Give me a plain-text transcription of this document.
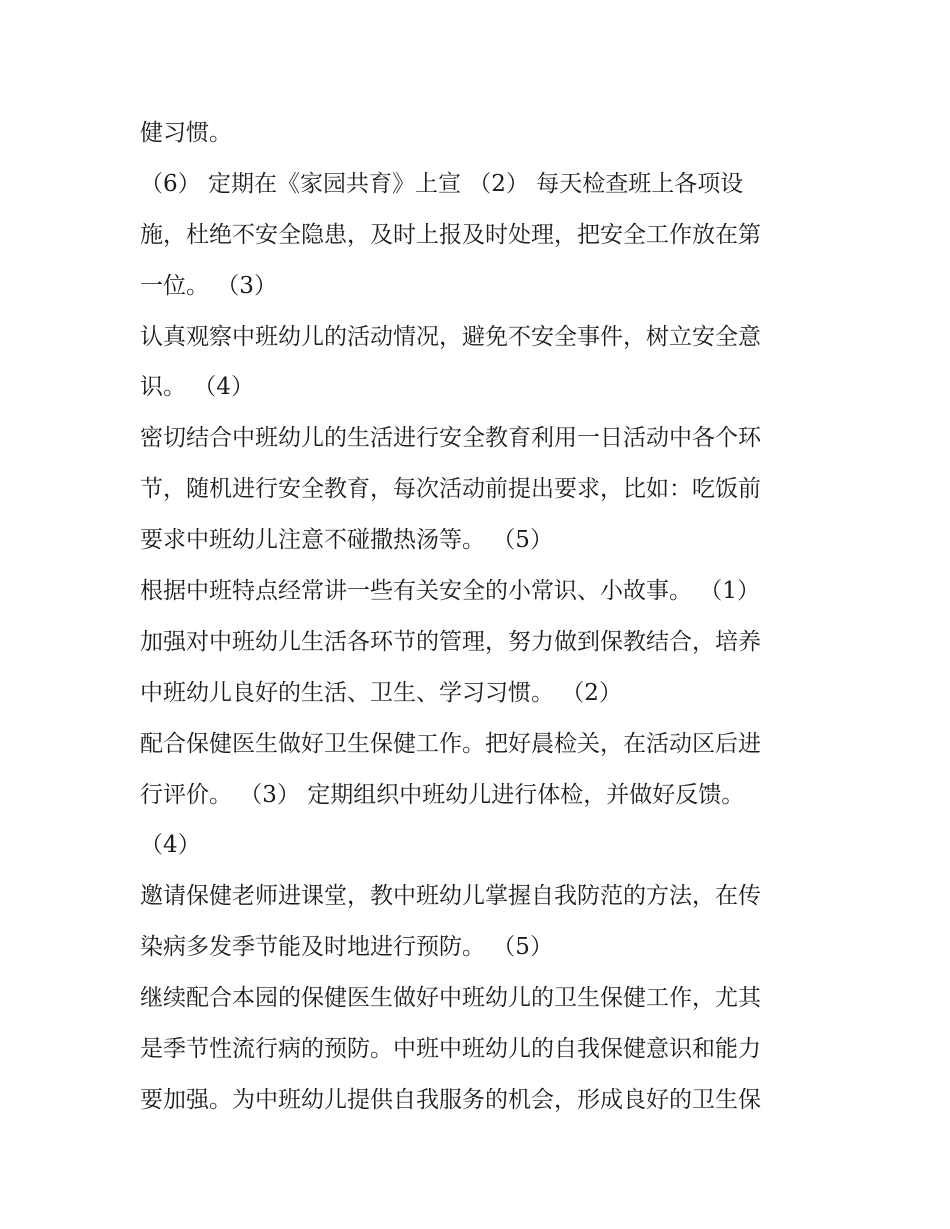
健习惯。
（6） 定期在《家园共育》上宣 （2） 每天检查班上各项设
施，杜绝不安全隐患，及时上报及时处理，把安全工作放在第
一位。 （3）
认真观察中班幼儿的活动情况，避免不安全事件，树立安全意
识。 （4）
密切结合中班幼儿的生活进行安全教育利用一日活动中各个环
节，随机进行安全教育，每次活动前提出要求，比如：吃饭前
要求中班幼儿注意不碰撒热汤等。 （5）
根据中班特点经常讲一些有关安全的小常识、小故事。 （1）
加强对中班幼儿生活各环节的管理，努力做到保教结合，培养
中班幼儿良好的生活、卫生、学习习惯。 （2）
配合保健医生做好卫生保健工作。把好晨检关，在活动区后进
行评价。 （3） 定期组织中班幼儿进行体检，并做好反馈。
（4）
邀请保健老师进课堂，教中班幼儿掌握自我防范的方法，在传
染病多发季节能及时地进行预防。 （5）
继续配合本园的保健医生做好中班幼儿的卫生保健工作，尤其
是季节性流行病的预防。中班中班幼儿的自我保健意识和能力
要加强。为中班幼儿提供自我服务的机会，形成良好的卫生保
